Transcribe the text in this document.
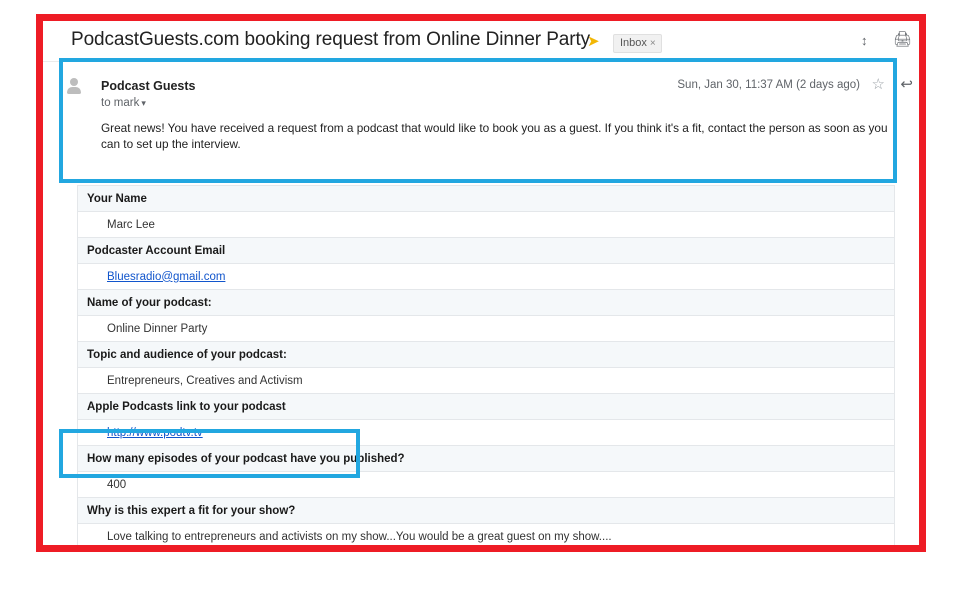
PodcastGuests.com booking request from Online Dinner Party
➤	Inbox ×	↕ 🖨
Podcast Guests
to mark ▾
Sun, Jan 30, 11:37 AM (2 days ago) ☆ ↩
Great news! You have received a request from a podcast that would like to book you as a guest. If you think it's a fit, contact the person as soon as you can to set up the interview.
Your Name
Marc Lee
Podcaster Account Email
Bluesradio@gmail.com
Name of your podcast:
Online Dinner Party
Topic and audience of your podcast:
Entrepreneurs, Creatives and Activism
Apple Podcasts link to your podcast
http://www.podtv.tv
How many episodes of your podcast have you published?
400
Why is this expert a fit for your show?
Love talking to entrepreneurs and activists on my show...You would be a great guest on my show....
